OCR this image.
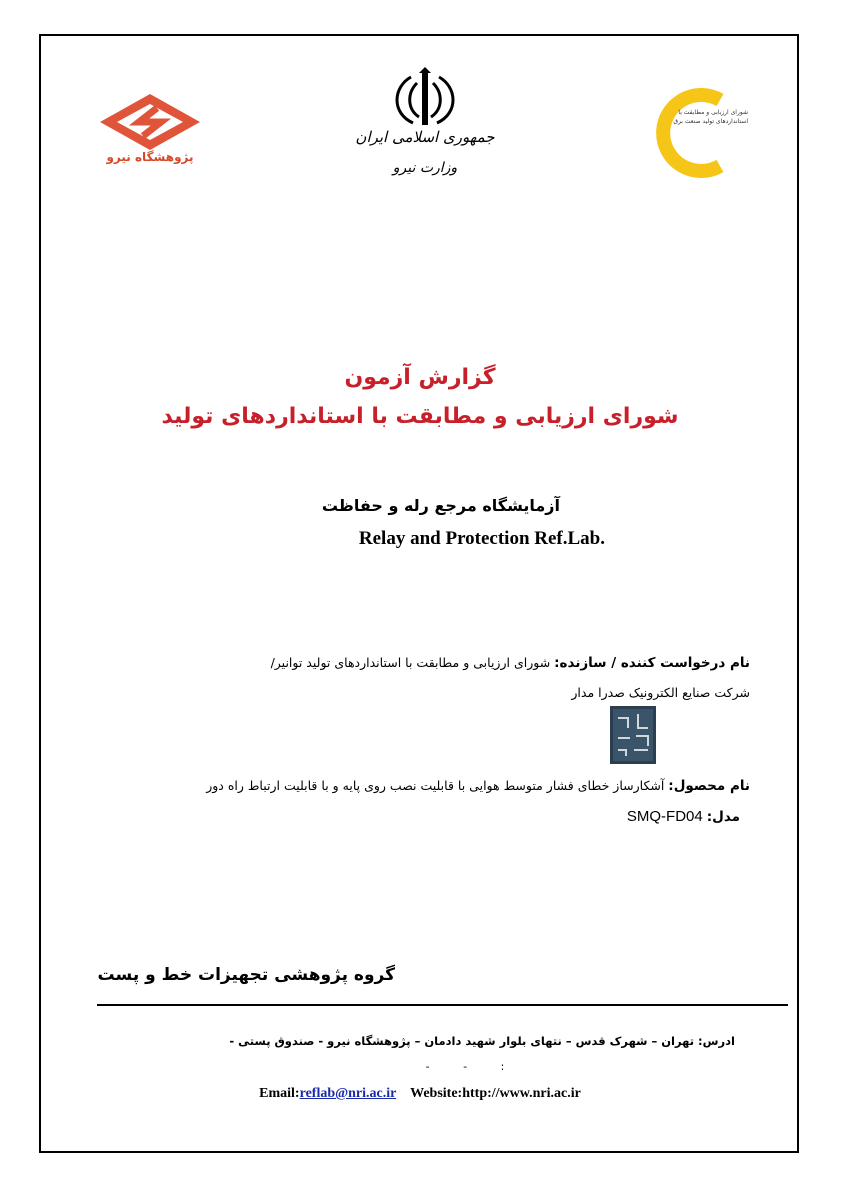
پژوهشگاه نیرو
جمهوری اسلامی ایران
وزارت نیرو
شورای ارزیابی و مطابقت با استانداردهای تولید صنعت برق
گزارش آزمون
شورای ارزیابی و مطابقت با استانداردهای تولید
آزمایشگاه مرجع رله و حفاظت
Relay and Protection Ref.Lab.
نام درخواست کننده / سازنده: شورای ارزیابی و مطابقت با استانداردهای تولید توانیر/
شرکت صنایع الکترونیک صدرا مدار
نام محصول: آشکارساز خطای فشار متوسط هوایی با قابلیت نصب روی پایه و با قابلیت ارتباط راه دور
مدل: SMQ-FD04
گروه پژوهشی تجهیزات خط و پست
ادرس: تهران – شهرک قدس – نتهای بلوار شهید دادمان – پژوهشگاه نیرو - صندوق پستی -
: - -
Email:reflab@nri.ac.ir Website:http://www.nri.ac.ir
